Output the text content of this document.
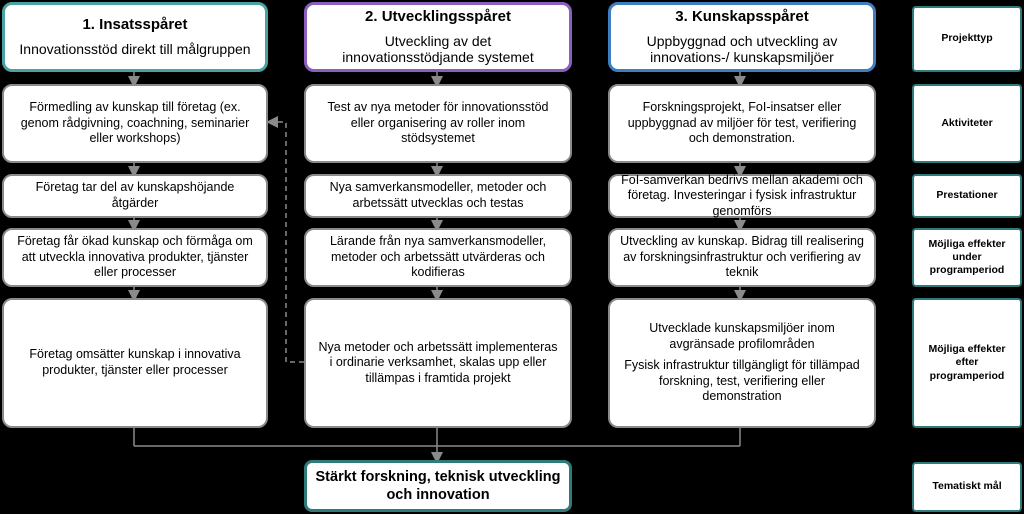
1. Insatsspåret
Innovationsstöd direkt till målgruppen
2. Utvecklingsspåret
Utveckling av det innovationsstödjande systemet
3. Kunskapsspåret
Uppbyggnad och utveckling av innovations-/ kunskapsmiljöer
Förmedling av kunskap till företag (ex. genom rådgivning, coachning, seminarier eller workshops)
Företag tar del av kunskapshöjande åtgärder
Företag får ökad kunskap och förmåga om att utveckla innovativa produkter, tjänster eller processer
Företag omsätter kunskap i innovativa produkter, tjänster eller processer
Test av nya metoder för innovationsstöd eller organisering av roller inom stödsystemet
Nya samverkansmodeller, metoder och arbetssätt utvecklas och testas
Lärande från nya samverkansmodeller, metoder och arbetssätt utvärderas och kodifieras
Nya metoder och arbetssätt implementeras i ordinarie verksamhet, skalas upp eller tillämpas i framtida projekt
Forskningsprojekt, FoI-insatser eller uppbyggnad av miljöer för test, verifiering och demonstration.
FoI-samverkan bedrivs mellan akademi och företag. Investeringar i fysisk infrastruktur genomförs
Utveckling av kunskap. Bidrag till realisering av forskningsinfrastruktur och verifiering av teknik
Utvecklade kunskapsmiljöer inom avgränsade profilområden
Fysisk infrastruktur tillgängligt för tillämpad forskning, test, verifiering eller demonstration
Projekttyp
Aktiviteter
Prestationer
Möjliga effekter under programperiod
Möjliga effekter efter programperiod
Tematiskt mål
Stärkt forskning, teknisk utveckling och innovation
